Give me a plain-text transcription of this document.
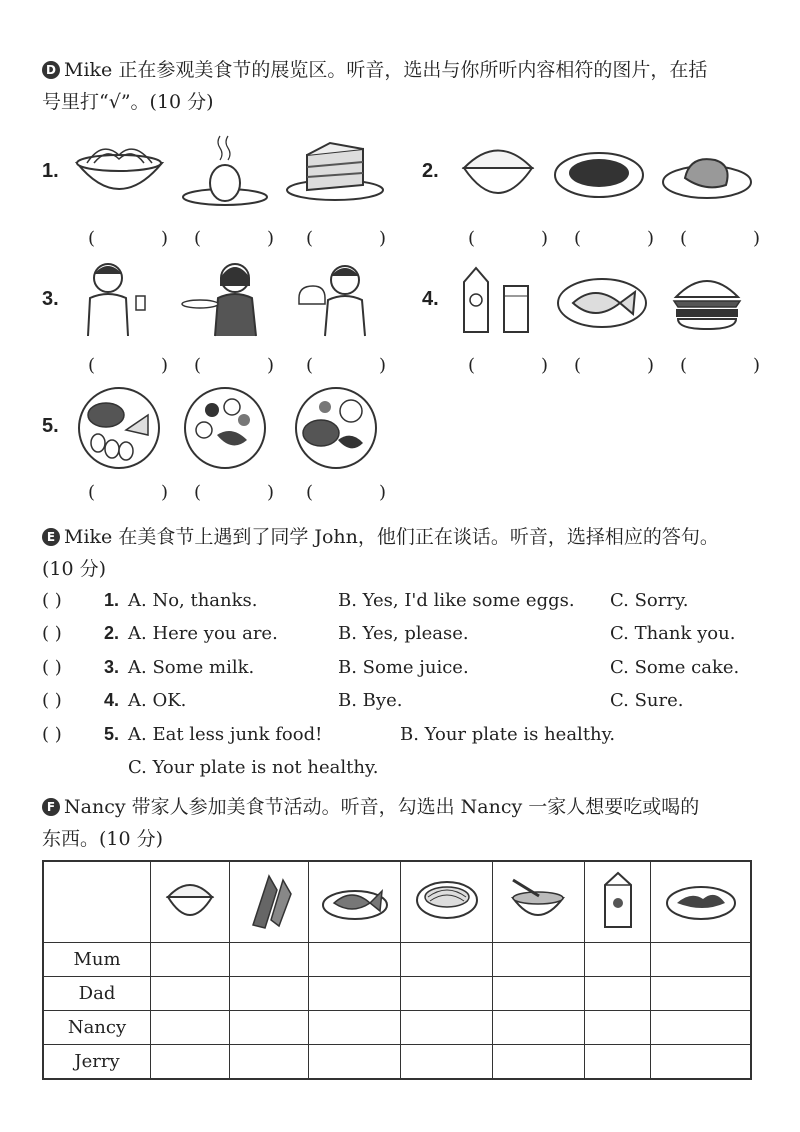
D Mike 正在参观美食节的展览区。听音，选出与你所听内容相符的图片，在括
号里打“√”。(10 分)
1.
(	) (	) (	)
2.
(	) (	) (	)
3.
(	) (	) (	)
4.
(	) (	) (	)
5.
(	) (	) (	)
E Mike 在美食节上遇到了同学 John，他们正在谈话。听音，选择相应的答句。
(10 分)
( ) 1. A. No, thanks.	B. Yes, I'd like some eggs. C. Sorry.
( ) 2. A. Here you are.	B. Yes, please.	C. Thank you.
( ) 3. A. Some milk.	B. Some juice.	C. Some cake.
( ) 4. A. OK.	B. Bye.	C. Sure.
( ) 5. A. Eat less junk food!	B. Your plate is healthy.
C. Your plate is not healthy.
F Nancy 带家人参加美食节活动。听音，勾选出 Nancy 一家人想要吃或喝的
东西。(10 分)

Mum							
Dad							
Nancy							
Jerry							
